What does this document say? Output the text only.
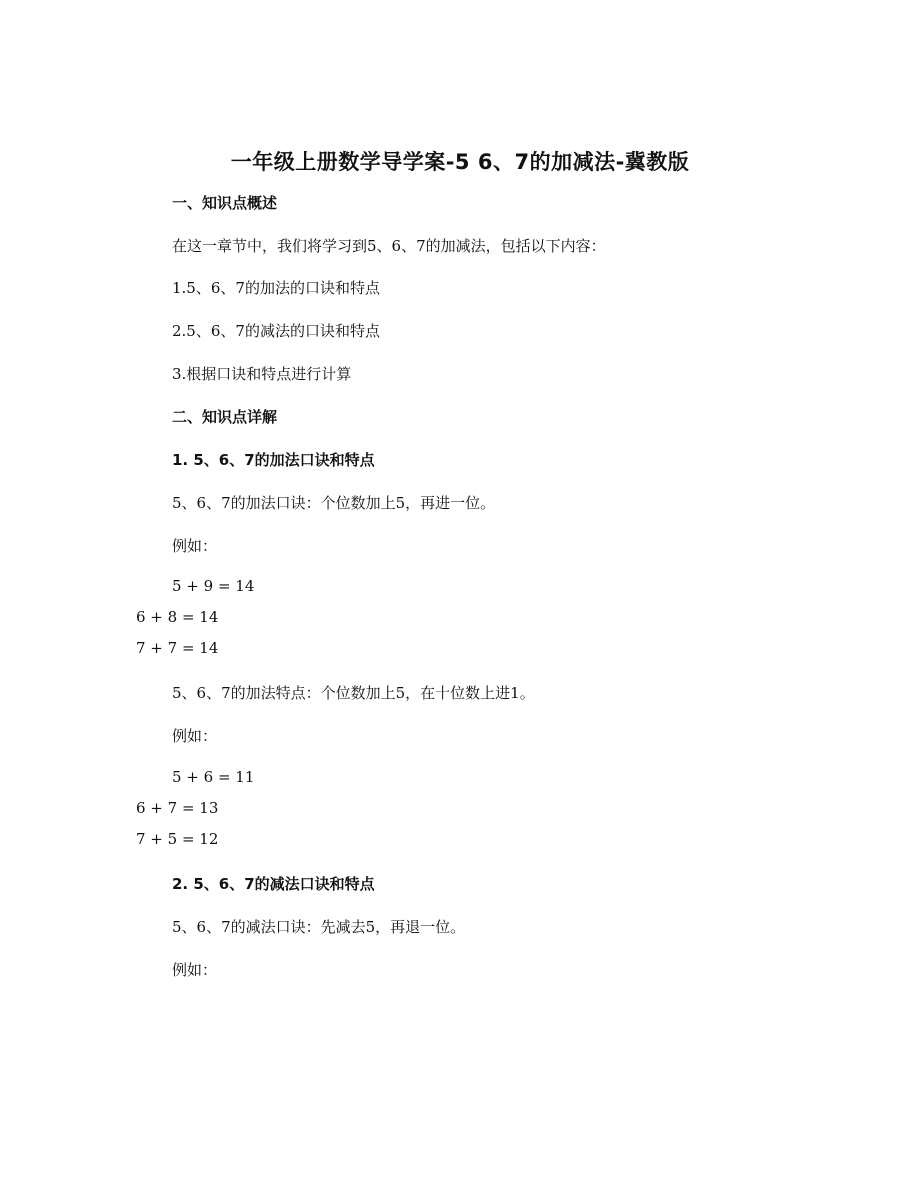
一年级上册数学导学案-5 6、7的加减法-冀教版
一、知识点概述
在这一章节中，我们将学习到5、6、7的加减法，包括以下内容：
1.5、6、7的加法的口诀和特点
2.5、6、7的减法的口诀和特点
3.根据口诀和特点进行计算
二、知识点详解
1. 5、6、7的加法口诀和特点
5、6、7的加法口诀：个位数加上5，再进一位。
例如：
5 + 9 = 14
6 + 8 = 14
7 + 7 = 14
5、6、7的加法特点：个位数加上5，在十位数上进1。
例如：
5 + 6 = 11
6 + 7 = 13
7 + 5 = 12
2. 5、6、7的减法口诀和特点
5、6、7的减法口诀：先减去5，再退一位。
例如：
